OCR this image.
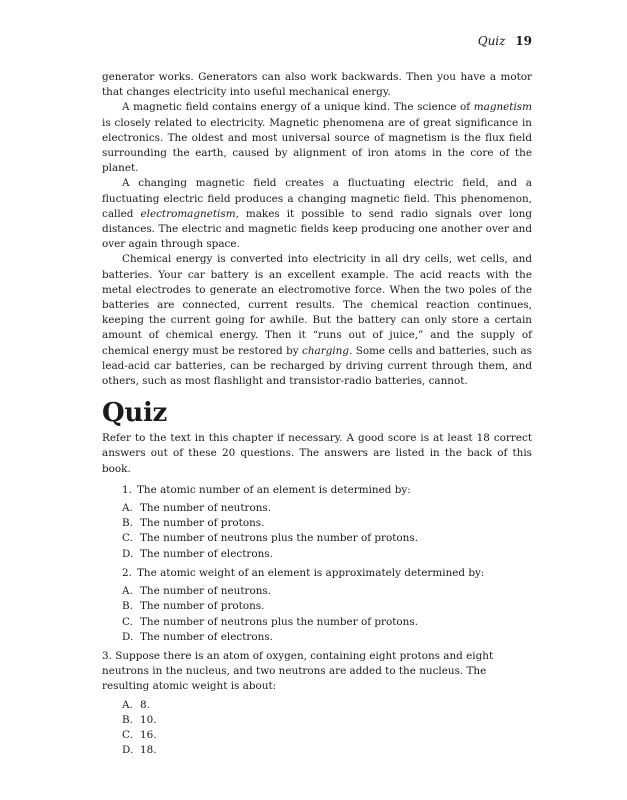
Quiz 19

generator works. Generators can also work backwards. Then you have a motor that changes electricity into useful mechanical energy.

A magnetic field contains energy of a unique kind. The science of magnetism is closely related to electricity. Magnetic phenomena are of great significance in electronics. The oldest and most universal source of magnetism is the flux field surrounding the earth, caused by alignment of iron atoms in the core of the planet.

A changing magnetic field creates a fluctuating electric field, and a fluctuating electric field produces a changing magnetic field. This phenomenon, called electromagnetism, makes it possible to send radio signals over long distances. The electric and magnetic fields keep producing one another over and over again through space.

Chemical energy is converted into electricity in all dry cells, wet cells, and batteries. Your car battery is an excellent example. The acid reacts with the metal electrodes to generate an electromotive force. When the two poles of the batteries are connected, current results. The chemical reaction continues, keeping the current going for awhile. But the battery can only store a certain amount of chemical energy. Then it “runs out of juice,” and the supply of chemical energy must be restored by charging. Some cells and batteries, such as lead-acid car batteries, can be recharged by driving current through them, and others, such as most flashlight and transistor-radio batteries, cannot.

Quiz

Refer to the text in this chapter if necessary. A good score is at least 18 correct answers out of these 20 questions. The answers are listed in the back of this book.

1. The atomic number of an element is determined by:

A. The number of neutrons.

B. The number of protons.

C. The number of neutrons plus the number of protons.

D. The number of electrons.

2. The atomic weight of an element is approximately determined by:

A. The number of neutrons.

B. The number of protons.

C. The number of neutrons plus the number of protons.

D. The number of electrons.

3. Suppose there is an atom of oxygen, containing eight protons and eight neutrons in the nucleus, and two neutrons are added to the nucleus. The resulting atomic weight is about:

A. 8.

B. 10.

C. 16.

D. 18.
